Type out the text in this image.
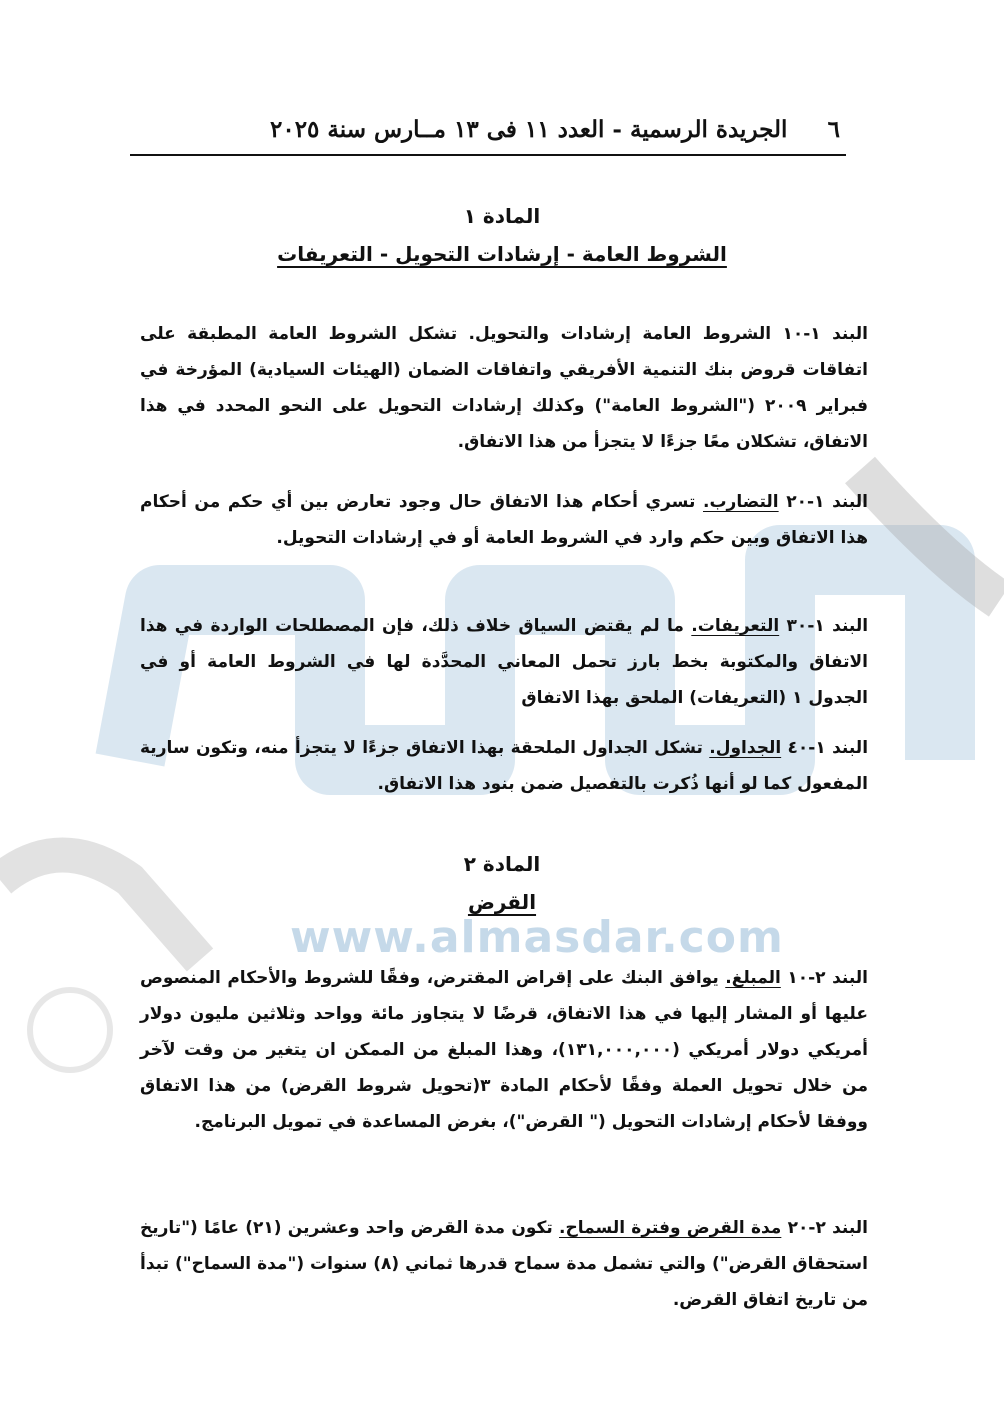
www.almasdar.com
٦
الجريدة الرسمية - العدد ١١ فى ١٣ مــارس سنة ٢٠٢٥
المادة ١
الشروط العامة - إرشادات التحويل - التعريفات
البند ١-١٠ الشروط العامة إرشادات والتحويل. تشكل الشروط العامة المطبقة على اتفاقات قروض بنك التنمية الأفريقي واتفاقات الضمان (الهيئات السيادية) المؤرخة في فبراير ٢٠٠٩ ("الشروط العامة") وكذلك إرشادات التحويل على النحو المحدد في هذا الاتفاق، تشكلان معًا جزءًا لا يتجزأ من هذا الاتفاق.
البند ١-٢٠ التضارب. تسري أحكام هذا الاتفاق حال وجود تعارض بين أي حكم من أحكام هذا الاتفاق وبين حكم وارد في الشروط العامة أو في إرشادات التحويل.
البند ١-٣٠ التعريفات. ما لم يقتض السياق خلاف ذلك، فإن المصطلحات الواردة في هذا الاتفاق والمكتوبة بخط بارز تحمل المعاني المحدَّدة لها في الشروط العامة أو في الجدول ١ (التعريفات) الملحق بهذا الاتفاق
البند ١-٤٠ الجداول. تشكل الجداول الملحقة بهذا الاتفاق جزءًا لا يتجزأ منه، وتكون سارية المفعول كما لو أنها ذُكرت بالتفصيل ضمن بنود هذا الاتفاق.
المادة ٢
القرض
البند ٢-١٠ المبلغ. يوافق البنك على إقراض المقترض، وفقًا للشروط والأحكام المنصوص عليها أو المشار إليها في هذا الاتفاق، قرضًا لا يتجاوز مائة وواحد وثلاثين مليون دولار أمريكي دولار أمريكي (١٣١,٠٠٠,٠٠٠)، وهذا المبلغ من الممكن ان يتغير من وقت لآخر من خلال تحويل العملة وفقًا لأحكام المادة ٣(تحويل شروط القرض) من هذا الاتفاق ووفقا لأحكام إرشادات التحويل (" القرض")، بغرض المساعدة في تمويل البرنامج.
البند ٢-٢٠ مدة القرض وفترة السماح. تكون مدة القرض واحد وعشرين (٢١) عامًا ("تاريخ استحقاق القرض") والتي تشمل مدة سماح قدرها ثماني (٨) سنوات ("مدة السماح") تبدأ من تاريخ اتفاق القرض.
